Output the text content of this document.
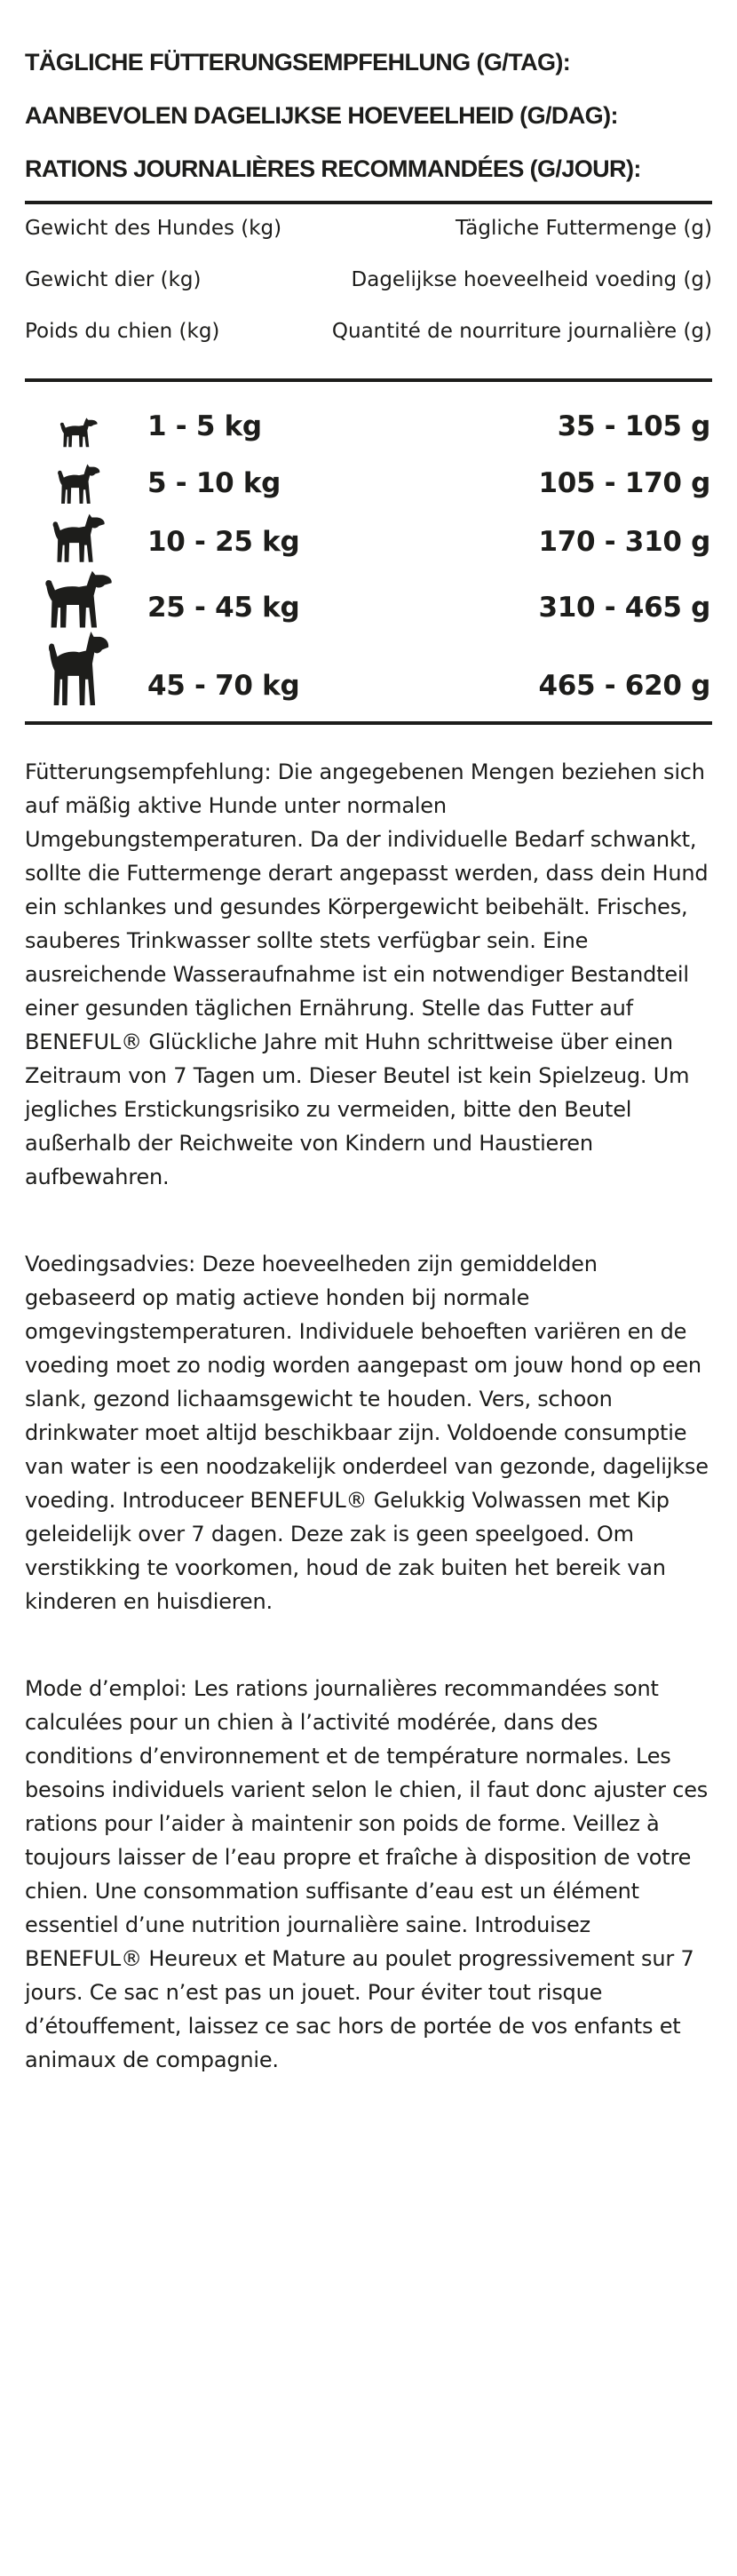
TÄGLICHE FÜTTERUNGSEMPFEHLUNG (G/TAG):
AANBEVOLEN DAGELIJKSE HOEVEELHEID (G/DAG):
RATIONS JOURNALIÈRES RECOMMANDÉES (G/JOUR):
Gewicht des Hundes (kg)	Tägliche Futtermenge (g)
Gewicht dier (kg)	Dagelijkse hoeveelheid voeding (g)
Poids du chien (kg)	Quantité de nourriture journalière (g)
1 - 5 kg	35 - 105 g
5 - 10 kg	105 - 170 g
10 - 25 kg	170 - 310 g
25 - 45 kg	310 - 465 g
45 - 70 kg	465 - 620 g

Fütterungsempfehlung: Die angegebenen Mengen beziehen sich auf mäßig aktive Hunde unter normalen Umgebungstemperaturen. Da der individuelle Bedarf schwankt, sollte die Futtermenge derart angepasst werden, dass dein Hund ein schlankes und gesundes Körpergewicht beibehält. Frisches, sauberes Trinkwasser sollte stets verfügbar sein. Eine ausreichende Wasseraufnahme ist ein notwendiger Bestandteil einer gesunden täglichen Ernährung. Stelle das Futter auf BENEFUL® Glückliche Jahre mit Huhn schrittweise über einen Zeitraum von 7 Tagen um. Dieser Beutel ist kein Spielzeug. Um jegliches Erstickungsrisiko zu vermeiden, bitte den Beutel außerhalb der Reichweite von Kindern und Haustieren aufbewahren.

Voedingsadvies: Deze hoeveelheden zijn gemiddelden gebaseerd op matig actieve honden bij normale omgevingstemperaturen. Individuele behoeften variëren en de voeding moet zo nodig worden aangepast om jouw hond op een slank, gezond lichaamsgewicht te houden. Vers, schoon drinkwater moet altijd beschikbaar zijn. Voldoende consumptie van water is een noodzakelijk onderdeel van gezonde, dagelijkse voeding. Introduceer BENEFUL® Gelukkig Volwassen met Kip geleidelijk over 7 dagen. Deze zak is geen speelgoed. Om verstikking te voorkomen, houd de zak buiten het bereik van kinderen en huisdieren.

Mode d’emploi: Les rations journalières recommandées sont calculées pour un chien à l’activité modérée, dans des conditions d’environnement et de température normales. Les besoins individuels varient selon le chien, il faut donc ajuster ces rations pour l’aider à maintenir son poids de forme. Veillez à toujours laisser de l’eau propre et fraîche à disposition de votre chien. Une consommation suffisante d’eau est un élément essentiel d’une nutrition journalière saine. Introduisez BENEFUL® Heureux et Mature au poulet progressivement sur 7 jours. Ce sac n’est pas un jouet. Pour éviter tout risque d’étouffement, laissez ce sac hors de portée de vos enfants et animaux de compagnie.
